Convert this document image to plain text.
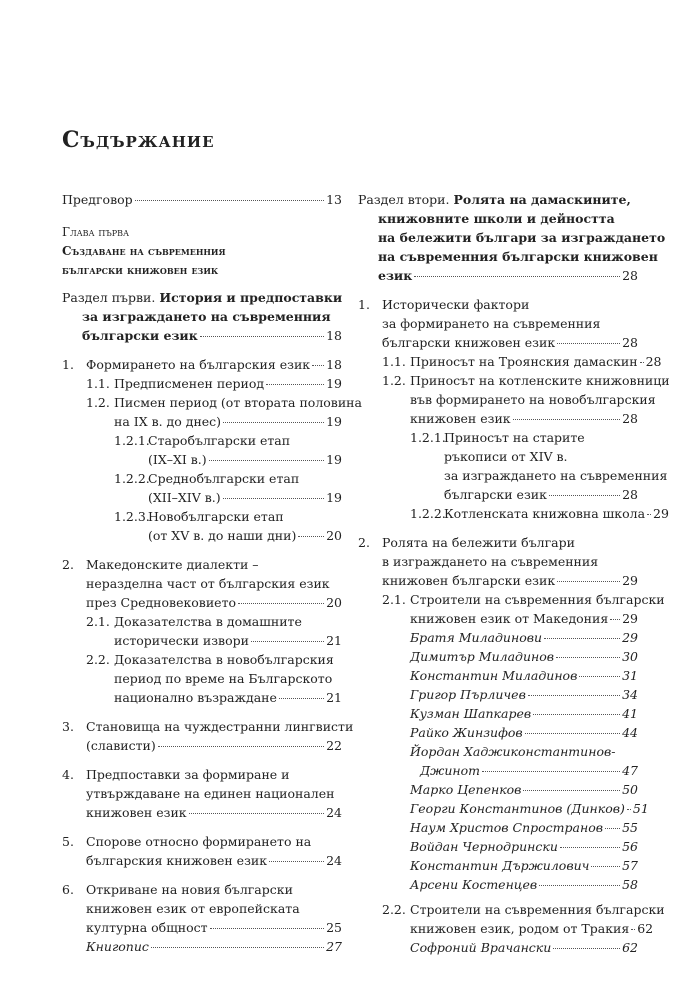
Съдържание
Предговор	13
Глава първа
Създаване на съвременния
български книжовен език
Раздел първи.
История и предпоставки
за изграждането на съвременния
български език	18
1. Формирането на българския език 18
1.1. Предписменен период	19
1.2. Писмен период (от втората половина
на IX в. до днес)	19
1.2.1.
Старобългарски етап
(IX–XI в.)	19
1.2.2.
Среднобългарски етап
(XII–XIV в.)	19
1.2.3.
Новобългарски етап
(от XV в. до наши дни) 20
2. Македонските диалекти –
неразделна част от българския език
през Средновековието	20
2.1. Доказателства в домашните
исторически извори	21
2.2. Доказателства в новобългарския
период по време на Българското
национално възраждане	21
3. Становища на чуждестранни лингвисти
(слависти)	22
4. Предпоставки за формиране и
утвърждаване на единен национален
книжовен език	24
5. Спорове относно формирането на
българския книжовен език	24
6. Откриване на новия български
книжовен език от европейската
културна общност	25
Книгопис	27
Раздел втори.
Ролята на дамаскините,
книжовните школи и дейността
на бележити българи за изграждането
на съвременния български книжовен
език	28
1. Исторически фактори
за формирането на съвременния
български книжовен език	28
1.1. Приносът на Троянския дамаскин 28
1.2. Приносът на котленските книжовници
във формирането на новобългарския
книжовен език	28
1.2.1.
Приносът на старите
ръкописи от XIV в.
за изграждането на съвременния
български език	28
1.2.2.
Котленската книжовна школа 29
2. Ролята на бележити българи
в изграждането на съвременния
книжовен български език	29
2.1. Строители на съвременния български
книжовен език от Македония 29
Братя Миладинови	29
Димитър Миладинов	30
Константин Миладинов	31
Григор Пърличев	34
Кузман Шапкарев	41
Райко Жинзифов	44
Йордан Хаджиконстантинов-
Джинот	47
Марко Цепенков	50
Георги Константинов (Динков) 51
Наум Христов Спространов 55
Войдан Чернодрински	56
Константин Държилович	57
Арсени Костенцев	58
2.2. Строители на съвременния български
книжовен език, родом от Тракия 62
Софроний Врачански	62
